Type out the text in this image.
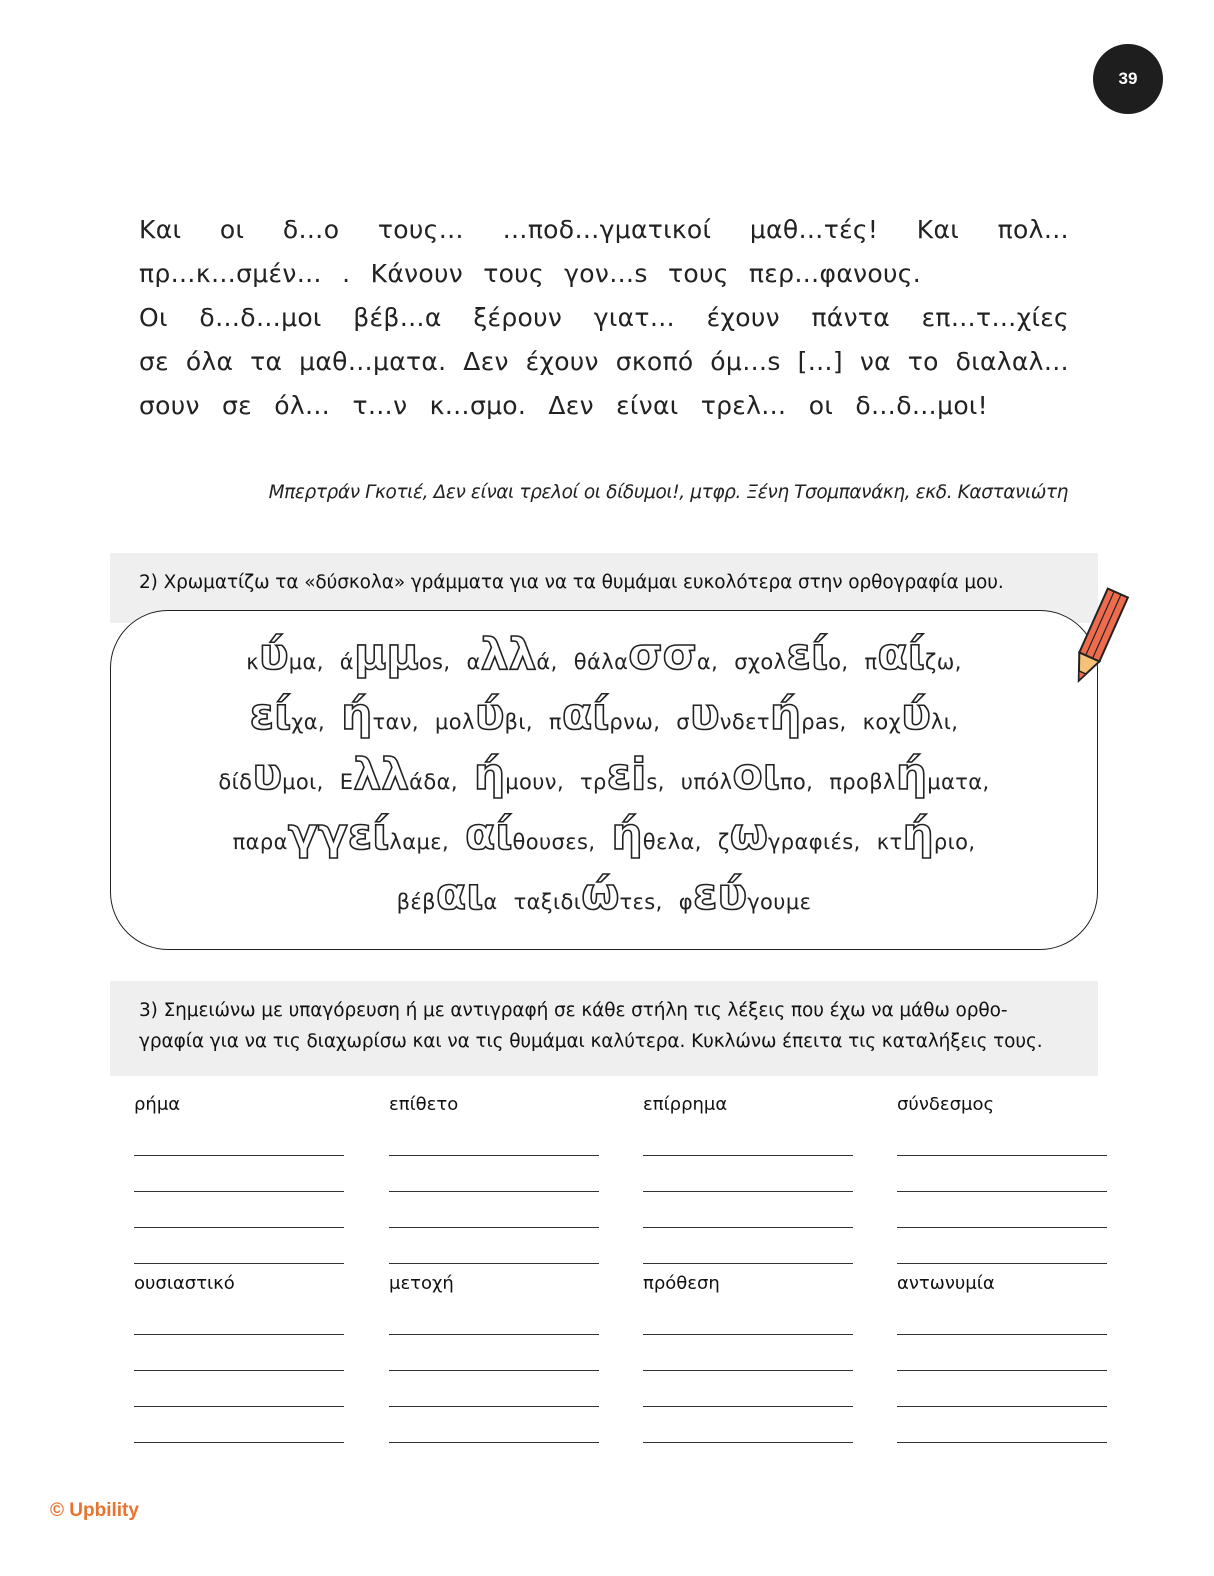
39
Και οι δ…ο τους… …ποδ…γματικοί μαθ…τές! Και πολ…
πρ…κ…σμέν… . Κάνουν τους γον…s τους περ…φανους.
Οι δ…δ…μοι βέβ…α ξέρουν γιατ… έχουν πάντα επ…τ…χίες
σε όλα τα μαθ…ματα. Δεν έχουν σκοπό όμ…s […] να το διαλαλ…
σουν σε όλ… τ…ν κ…σμο. Δεν είναι τρελ… οι δ…δ…μοι!
Μπερτράν Γκοτιέ, Δεν είναι τρελοί οι δίδυμοι!, μτφρ. Ξένη Τσομπανάκη, εκδ. Καστανιώτη
2) Χρωματίζω τα «δύσκολα» γράμματα για να τα θυμάμαι ευκολότερα στην ορθογραφία μου.
κύμα, άμμοs, αλλά, θάλασσα, σχολείο, παίζω,
είχα, ήταν, μολύβι, παίρνω, συνδετήρas, κοχύλι,
δίδυμοι, Ελλάδα, ήμουν, τρεis, υπόλοιπο, προβλήματα,
παραγγείλαμε, αίθουσεs, ήθελα, ζωγραφιέs, κτήριο,
βέβαια ταξιδιώτεs, φεύγουμε
3) Σημειώνω με υπαγόρευση ή με αντιγραφή σε κάθε στήλη τις λέξεις που έχω να μάθω ορθο-
γραφία για να τις διαχωρίσω και να τις θυμάμαι καλύτερα. Κυκλώνω έπειτα τις καταλήξεις τους.
ρήμα	επίθετο	επίρρημα	σύνδεσμος
ουσιαστικό	μετοχή	πρόθεση	αντωνυμία
© Upbility
